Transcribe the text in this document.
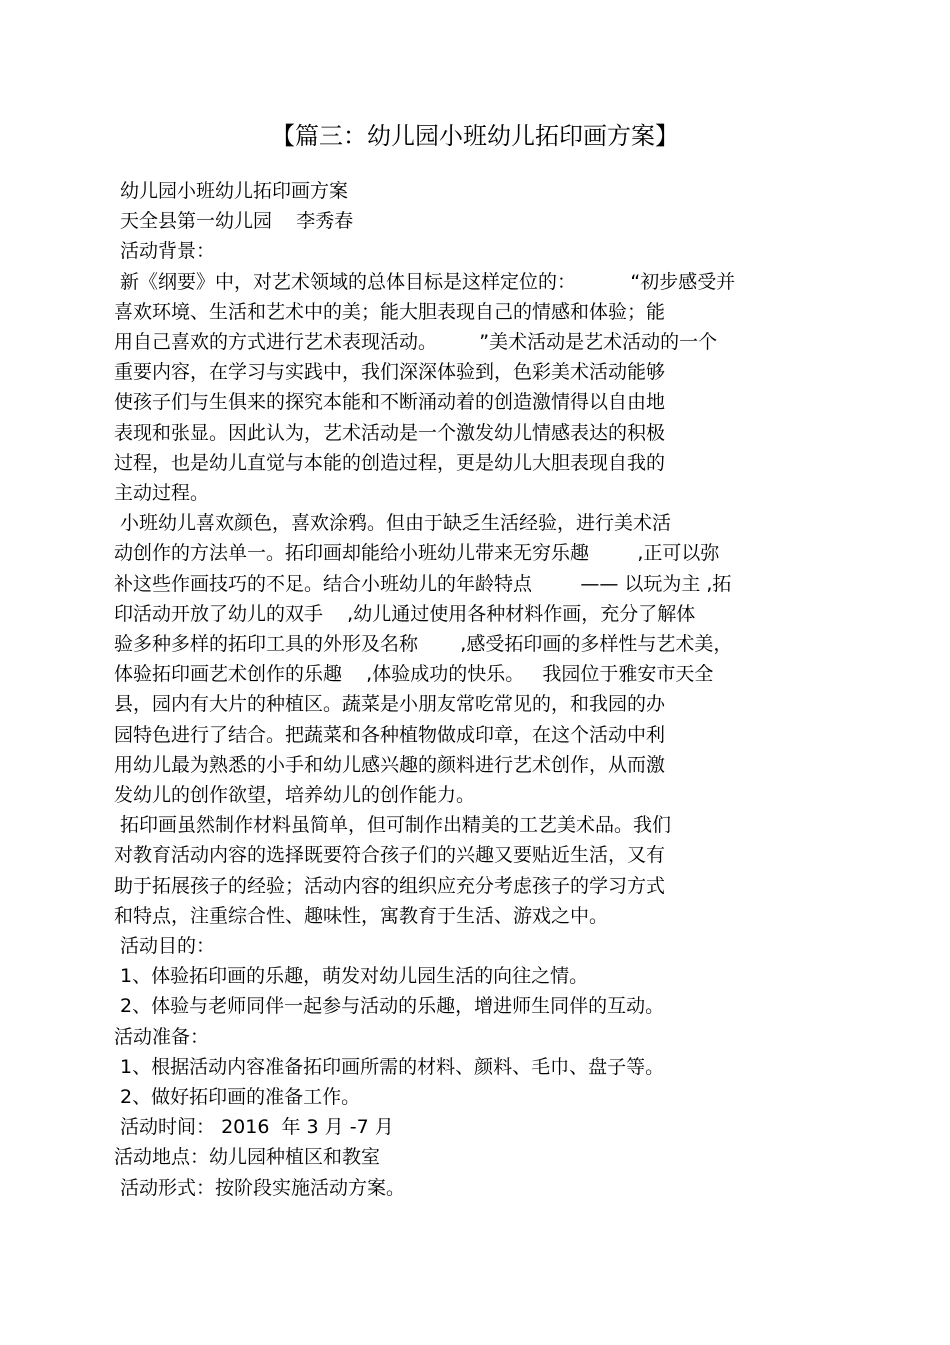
【篇三：幼儿园小班幼儿拓印画方案】
幼儿园小班幼儿拓印画方案
天全县第一幼儿园    李秀春
活动背景：
新《纲要》中，对艺术领域的总体目标是这样定位的：         “初步感受并
喜欢环境、生活和艺术中的美；能大胆表现自己的情感和体验；能
用自己喜欢的方式进行艺术表现活动。       ”美术活动是艺术活动的一个
重要内容，在学习与实践中，我们深深体验到，色彩美术活动能够
使孩子们与生俱来的探究本能和不断涌动着的创造激情得以自由地
表现和张显。因此认为，艺术活动是一个激发幼儿情感表达的积极
过程，也是幼儿直觉与本能的创造过程，更是幼儿大胆表现自我的
主动过程。
小班幼儿喜欢颜色，喜欢涂鸦。但由于缺乏生活经验，进行美术活
动创作的方法单一。拓印画却能给小班幼儿带来无穷乐趣        ,正可以弥
补这些作画技巧的不足。结合小班幼儿的年龄特点        —— 以玩为主 ,拓
印活动开放了幼儿的双手    ,幼儿通过使用各种材料作画，充分了解体
验多种多样的拓印工具的外形及名称       ,感受拓印画的多样性与艺术美，
体验拓印画艺术创作的乐趣    ,体验成功的快乐。   我园位于雅安市天全
县，园内有大片的种植区。蔬菜是小朋友常吃常见的，和我园的办
园特色进行了结合。把蔬菜和各种植物做成印章，在这个活动中利
用幼儿最为熟悉的小手和幼儿感兴趣的颜料进行艺术创作，从而激
发幼儿的创作欲望，培养幼儿的创作能力。
拓印画虽然制作材料虽简单，但可制作出精美的工艺美术品。我们
对教育活动内容的选择既要符合孩子们的兴趣又要贴近生活，又有
助于拓展孩子的经验；活动内容的组织应充分考虑孩子的学习方式
和特点，注重综合性、趣味性，寓教育于生活、游戏之中。
活动目的：
1、体验拓印画的乐趣，萌发对幼儿园生活的向往之情。
2、体验与老师同伴一起参与活动的乐趣，增进师生同伴的互动。
活动准备：
1、根据活动内容准备拓印画所需的材料、颜料、毛巾、盘子等。
2、做好拓印画的准备工作。
活动时间： 2016  年 3 月 -7 月
活动地点：幼儿园种植区和教室
活动形式：按阶段实施活动方案。
